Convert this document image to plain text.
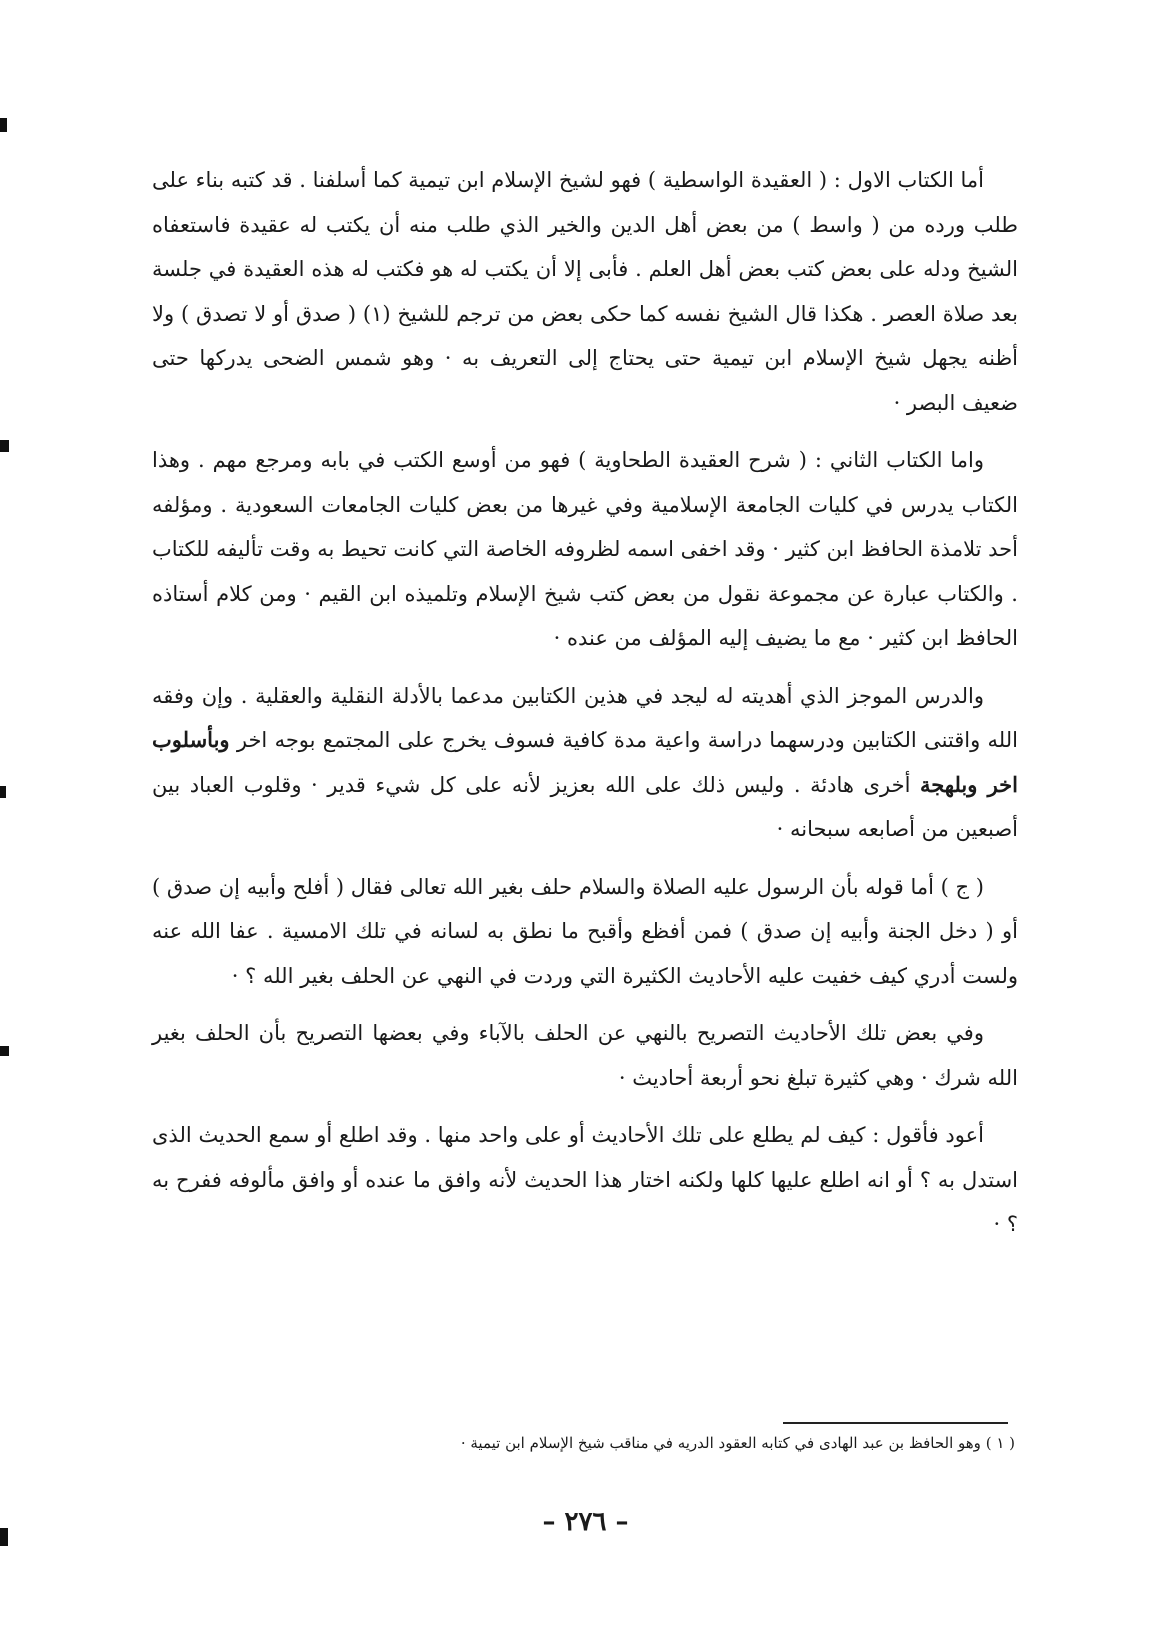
أما الكتاب الاول : ( العقيدة الواسطية ) فهو لشيخ الإسلام ابن تيمية كما أسلفنا . قد كتبه بناء على طلب ورده من ( واسط ) من بعض أهل الدين والخير الذي طلب منه أن يكتب له عقيدة فاستعفاه الشيخ ودله على بعض كتب بعض أهل العلم . فأبى إلا أن يكتب له هو فكتب له هذه العقيدة في جلسة بعد صلاة العصر . هكذا قال الشيخ نفسه كما حكى بعض من ترجم للشيخ (١) ( صدق أو لا تصدق ) ولا أظنه يجهل شيخ الإسلام ابن تيمية حتى يحتاج إلى التعريف به · وهو شمس الضحى يدركها حتى ضعيف البصر ·

واما الكتاب الثاني : ( شرح العقيدة الطحاوية ) فهو من أوسع الكتب في بابه ومرجع مهم . وهذا الكتاب يدرس في كليات الجامعة الإسلامية وفي غيرها من بعض كليات الجامعات السعودية . ومؤلفه أحد تلامذة الحافظ ابن كثير · وقد اخفى اسمه لظروفه الخاصة التي كانت تحيط به وقت تأليفه للكتاب . والكتاب عبارة عن مجموعة نقول من بعض كتب شيخ الإسلام وتلميذه ابن القيم · ومن كلام أستاذه الحافظ ابن كثير · مع ما يضيف إليه المؤلف من عنده ·

والدرس الموجز الذي أهديته له ليجد في هذين الكتابين مدعما بالأدلة النقلية والعقلية . وإن وفقه الله واقتنى الكتابين ودرسهما دراسة واعية مدة كافية فسوف يخرج على المجتمع بوجه اخر وبأسلوب اخر وبلهجة أخرى هادئة . وليس ذلك على الله بعزيز لأنه على كل شيء قدير · وقلوب العباد بين أصبعين من أصابعه سبحانه ·

( ج ) أما قوله بأن الرسول عليه الصلاة والسلام حلف بغير الله تعالى فقال ( أفلح وأبيه إن صدق ) أو ( دخل الجنة وأبيه إن صدق ) فمن أفظع وأقبح ما نطق به لسانه في تلك الامسية . عفا الله عنه ولست أدري كيف خفيت عليه الأحاديث الكثيرة التي وردت في النهي عن الحلف بغير الله ؟ ·

وفي بعض تلك الأحاديث التصريح بالنهي عن الحلف بالآباء وفي بعضها التصريح بأن الحلف بغير الله شرك · وهي كثيرة تبلغ نحو أربعة أحاديث ·

أعود فأقول : كيف لم يطلع على تلك الأحاديث أو على واحد منها . وقد اطلع أو سمع الحديث الذى استدل به ؟ أو انه اطلع عليها كلها ولكنه اختار هذا الحديث لأنه وافق ما عنده أو وافق مألوفه ففرح به ؟ ·

( ١ ) وهو الحافظ بن عبد الهادى في كتابه العقود الدريه في مناقب شيخ الإسلام ابن تيمية ·
– ٢٧٦ –
